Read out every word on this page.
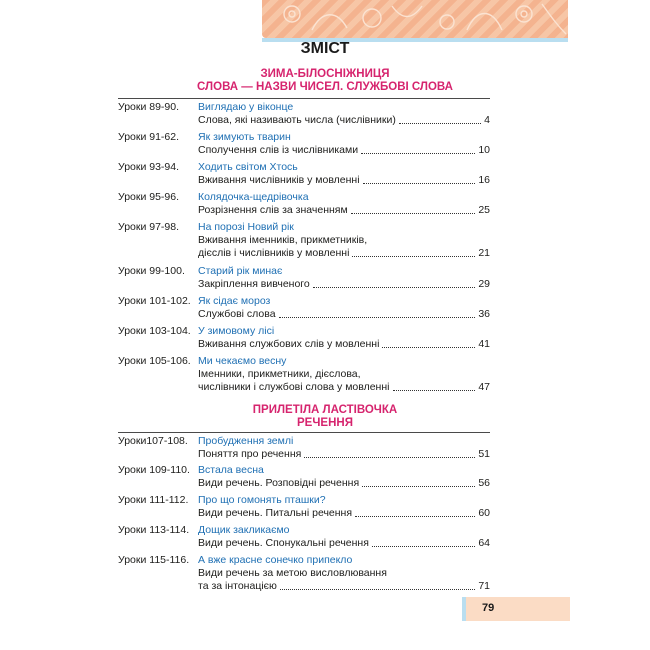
ЗМІСТ
ЗИМА-БІЛОСНІЖНИЦЯ
СЛОВА — НАЗВИ ЧИСЕЛ. СЛУЖБОВІ СЛОВА
Уроки 89-90. Виглядаю у віконце
Слова, які називають числа (числівники)	4
Уроки 91-62. Як зимують тварин
Сполучення слів із числівниками	10
Уроки 93-94. Ходить світом Хтось
Вживання числівників у мовленні	16
Уроки 95-96. Колядочка-щедрівочка
Розрізнення слів за значенням	25
Уроки 97-98. На порозі Новий рік
Вживання іменників, прикметників,
дієслів і числівників у мовленні	21
Уроки 99-100. Старий рік минає
Закріплення вивченого	29
Уроки 101-102. Як сідає мороз
Службові слова	36
Уроки 103-104. У зимовому лісі
Вживання службових слів у мовленні	41
Уроки 105-106. Ми чекаємо весну
Іменники, прикметники, дієслова,
числівники і службові слова у мовленні	47
ПРИЛЕТІЛА ЛАСТІВОЧКА
РЕЧЕННЯ
Уроки107-108. Пробудження землі
Поняття про речення	51
Уроки 109-110. Встала весна
Види речень. Розповідні речення	56
Уроки 111-112. Про що гомонять пташки?
Види речень. Питальні речення	60
Уроки 113-114. Дощик закликаємо
Види речень. Спонукальні речення	64
Уроки 115-116. А вже красне сонечко припекло
Види речень за метою висловлювання
та за інтонацією	71
79
